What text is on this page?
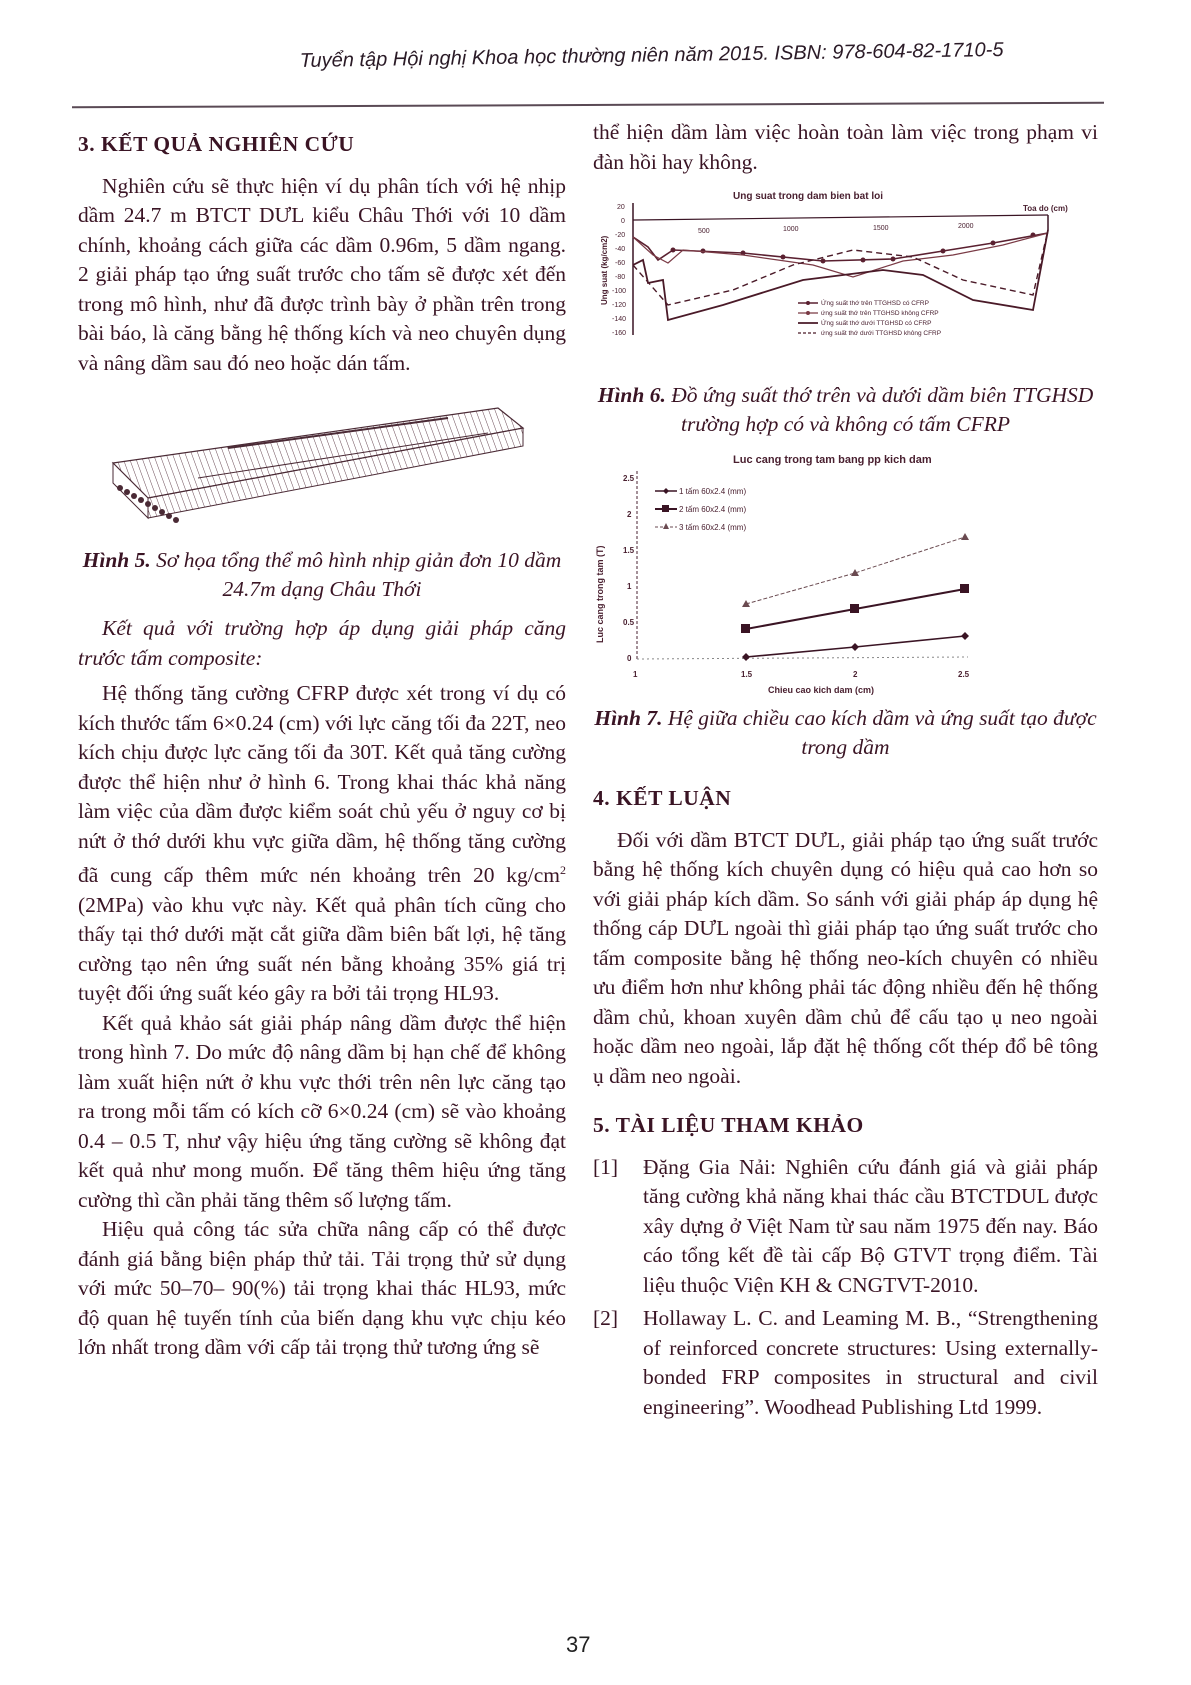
Tuyển tập Hội nghị Khoa học thường niên năm 2015. ISBN: 978-604-82-1710-5
3. KẾT QUẢ NGHIÊN CỨU

Nghiên cứu sẽ thực hiện ví dụ phân tích với hệ nhịp dầm 24.7 m BTCT DƯL kiểu Châu Thới với 10 dầm chính, khoảng cách giữa các dầm 0.96m, 5 dầm ngang. 2 giải pháp tạo ứng suất trước cho tấm sẽ được xét đến trong mô hình, như đã được trình bày ở phần trên trong bài báo, là căng bằng hệ thống kích và neo chuyên dụng và nâng dầm sau đó neo hoặc dán tấm.

Hình 5. Sơ họa tổng thể mô hình nhịp giản đơn 10 dầm 24.7m dạng Châu Thới

Kết quả với trường hợp áp dụng giải pháp căng trước tấm composite:

Hệ thống tăng cường CFRP được xét trong ví dụ có kích thước tấm 6×0.24 (cm) với lực căng tối đa 22T, neo kích chịu được lực căng tối đa 30T. Kết quả tăng cường được thể hiện như ở hình 6. Trong khai thác khả năng làm việc của dầm được kiểm soát chủ yếu ở nguy cơ bị nứt ở thớ dưới khu vực giữa dầm, hệ thống tăng cường đã cung cấp thêm mức nén khoảng trên 20 $kg/cm^2$ (2MPa) vào khu vực này. Kết quả phân tích cũng cho thấy tại thớ dưới mặt cắt giữa dầm biên bất lợi, hệ tăng cường tạo nên ứng suất nén bằng khoảng 35% giá trị tuyệt đối ứng suất kéo gây ra bởi tải trọng HL93.

Kết quả khảo sát giải pháp nâng dầm được thể hiện trong hình 7. Do mức độ nâng dầm bị hạn chế để không làm xuất hiện nứt ở khu vực thới trên nên lực căng tạo ra trong mỗi tấm có kích cỡ 6×0.24 (cm) sẽ vào khoảng 0.4 – 0.5 T, như vậy hiệu ứng tăng cường sẽ không đạt kết quả như mong muốn. Để tăng thêm hiệu ứng tăng cường thì cần phải tăng thêm số lượng tấm.

Hiệu quả công tác sửa chữa nâng cấp có thể được đánh giá bằng biện pháp thử tải. Tải trọng thử sử dụng với mức 50–70– 90(%) tải trọng khai thác HL93, mức độ quan hệ tuyến tính của biến dạng khu vực chịu kéo lớn nhất trong dầm với cấp tải trọng thử tương ứng sẽ

thể hiện dầm làm việc hoàn toàn làm việc trong phạm vi đàn hồi hay không.

Ung suat trong dam bien bat loi
Toa do (cm)
Ung suat (kg/cm2)
20
0
-20
-40
-60
-80
-100
-120
-140
-160
500	1000	1500	2000
Ứng suất thớ trên TTGHSD có CFRP
ứng suất thớ trên TTGHSD không CFRP
Ứng suất thớ dưới TTGHSD có CFRP
ứng suất thớ dưới TTGHSD không CFRP

Hình 6. Đồ ứng suất thớ trên và dưới dầm biên TTGHSD trường hợp có và không có tấm CFRP

Luc cang trong tam bang pp kich dam
Luc cang trong tam (T)
Chieu cao kich dam (cm)
2.5
2
1.5
1
0.5
0
1	1.5	2	2.5
1 tấm 60x2.4 (mm)
2 tấm 60x2.4 (mm)
3 tấm 60x2.4 (mm)

Hình 7. Hệ giữa chiều cao kích dầm và ứng suất tạo được trong dầm

4. KẾT LUẬN

Đối với dầm BTCT DƯL, giải pháp tạo ứng suất trước bằng hệ thống kích chuyên dụng có hiệu quả cao hơn so với giải pháp kích dầm. So sánh với giải pháp áp dụng hệ thống cáp DƯL ngoài thì giải pháp tạo ứng suất trước cho tấm composite bằng hệ thống neo-kích chuyên có nhiều ưu điểm hơn như không phải tác động nhiều đến hệ thống dầm chủ, khoan xuyên dầm chủ để cấu tạo ụ neo ngoài hoặc dầm neo ngoài, lắp đặt hệ thống cốt thép đổ bê tông ụ dầm neo ngoài.

5. TÀI LIỆU THAM KHẢO
[1]	Đặng Gia Nải: Nghiên cứu đánh giá và giải pháp tăng cường khả năng khai thác cầu BTCTDUL được xây dựng ở Việt Nam từ sau năm 1975 đến nay. Báo cáo tổng kết đề tài cấp Bộ GTVT trọng điểm. Tài liệu thuộc Viện KH & CNGTVT-2010.
[2]	Hollaway L. C. and Leaming M. B., “Strengthening of reinforced concrete structures: Using externally-bonded FRP composites in structural and civil engineering”. Woodhead Publishing Ltd 1999.
37
